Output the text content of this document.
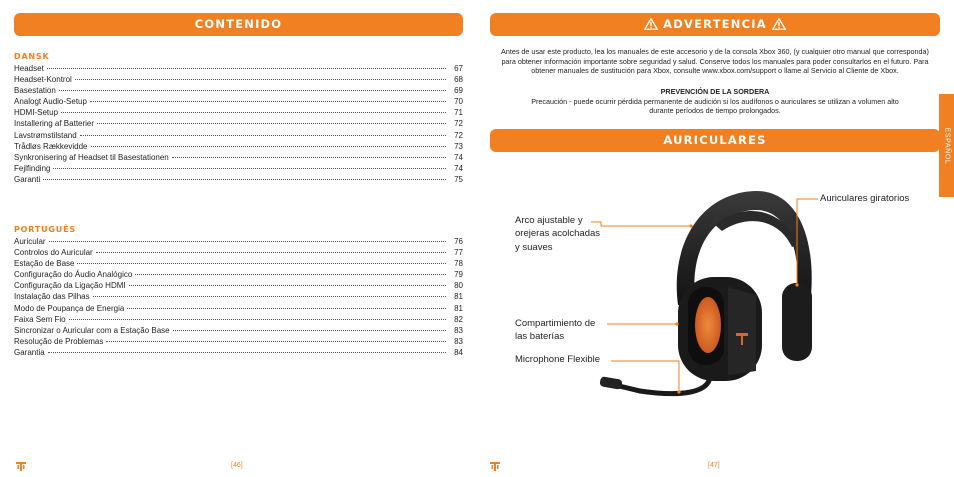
CONTENIDO
DANSK
Headset	67
Headset-Kontrol	68
Basestation	69
Analogt Audio-Setup	70
HDMI-Setup	71
Installering af Batterier	72
Lavstrømstilstand	72
Trådløs Rækkevidde	73
Synkronisering af Headset til Basestationen	74
Fejlfinding	74
Garanti	75
PORTUGUÊS
Auricular	76
Controlos do Auricular	77
Estação de Base	78
Configuração do Áudio Analógico	79
Configuração da Ligação HDMI	80
Instalação das Pilhas	81
Modo de Poupança de Energia	81
Faixa Sem Fio	82
Sincronizar o Auricular com a Estação Base	83
Resolução de Problemas	83
Garantia	84
[46]
ADVERTENCIA
Antes de usar este producto, lea los manuales de este accesorio y de la consola Xbox 360, (y cualquier otro manual que corresponda)
para obtener información importante sobre seguridad y salud. Conserve todos los manuales para poder consultarlos en el futuro. Para
obtener manuales de sustitución para Xbox, consulte www.xbox.com/support o llame al Servicio al Cliente de Xbox.
PREVENCIÓN DE LA SORDERA
Precaución - puede ocurrir pérdida permanente de audición si los audífonos o auriculares se utilizan a volumen alto
durante períodos de tiempo prolongados.
ESPAÑOL
AURICULARES
Arco ajustable y
orejeras acolchadas
y suaves
Auriculares giratorios
Compartimiento de
las baterías
Microphone Flexible
[47]
